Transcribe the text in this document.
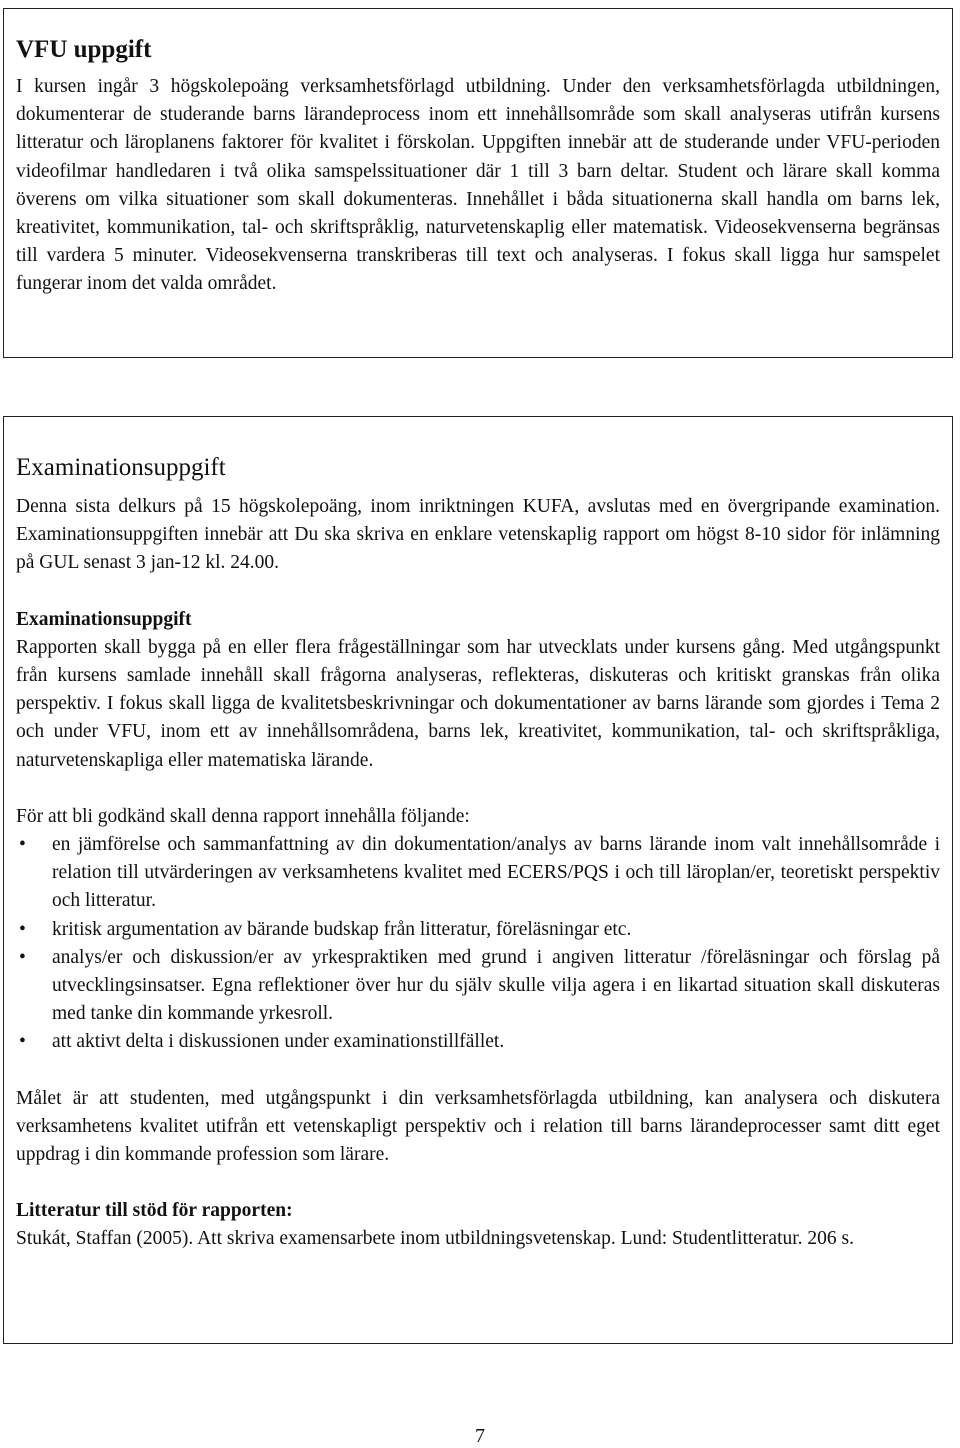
VFU uppgift

I kursen ingår 3 högskolepoäng verksamhetsförlagd utbildning. Under den verksamhetsförlagda utbildningen, dokumenterar de studerande barns lärandeprocess inom ett innehållsområde som skall analyseras utifrån kursens litteratur och läroplanens faktorer för kvalitet i förskolan. Uppgiften innebär att de studerande under VFU-perioden videofilmar handledaren i två olika samspelssituationer där 1 till 3 barn deltar. Student och lärare skall komma överens om vilka situationer som skall dokumenteras. Innehållet i båda situationerna skall handla om barns lek, kreativitet, kommunikation, tal- och skriftspråklig, naturvetenskaplig eller matematisk. Videosekvenserna begränsas till vardera 5 minuter. Videosekvenserna transkriberas till text och analyseras. I fokus skall ligga hur samspelet fungerar inom det valda området.

Examinationsuppgift

Denna sista delkurs på 15 högskolepoäng, inom inriktningen KUFA, avslutas med en övergripande examination. Examinationsuppgiften innebär att Du ska skriva en enklare vetenskaplig rapport om högst 8-10 sidor för inlämning på GUL senast 3 jan-12 kl. 24.00.

Examinationsuppgift

Rapporten skall bygga på en eller flera frågeställningar som har utvecklats under kursens gång. Med utgångspunkt från kursens samlade innehåll skall frågorna analyseras, reflekteras, diskuteras och kritiskt granskas från olika perspektiv. I fokus skall ligga de kvalitetsbeskrivningar och dokumentationer av barns lärande som gjordes i Tema 2 och under VFU, inom ett av innehållsområdena, barns lek, kreativitet, kommunikation, tal- och skriftspråkliga, naturvetenskapliga eller matematiska lärande.

För att bli godkänd skall denna rapport innehålla följande:

• en jämförelse och sammanfattning av din dokumentation/analys av barns lärande inom valt innehållsområde i relation till utvärderingen av verksamhetens kvalitet med ECERS/PQS i och till läroplan/er, teoretiskt perspektiv och litteratur.
• kritisk argumentation av bärande budskap från litteratur, föreläsningar etc.
• analys/er och diskussion/er av yrkespraktiken med grund i angiven litteratur /föreläsningar och förslag på utvecklingsinsatser. Egna reflektioner över hur du själv skulle vilja agera i en likartad situation skall diskuteras med tanke din kommande yrkesroll.
• att aktivt delta i diskussionen under examinationstillfället.

Målet är att studenten, med utgångspunkt i din verksamhetsförlagda utbildning, kan analysera och diskutera verksamhetens kvalitet utifrån ett vetenskapligt perspektiv och i relation till barns lärandeprocesser samt ditt eget uppdrag i din kommande profession som lärare.

Litteratur till stöd för rapporten:

Stukát, Staffan (2005). Att skriva examensarbete inom utbildningsvetenskap. Lund: Studentlitteratur. 206 s.

7
